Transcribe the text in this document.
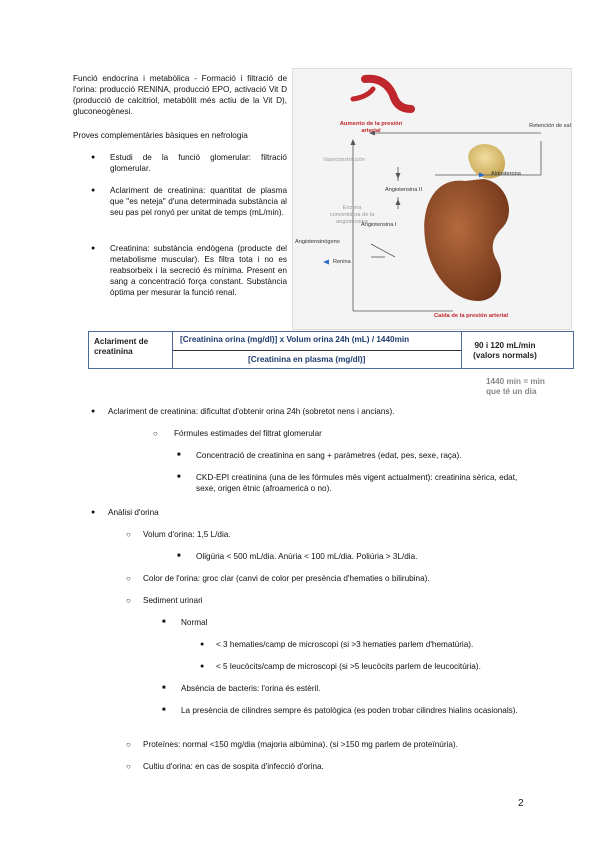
Funció endocrina i metabòlica - Formació i filtració de l'orina: producció RENINA, producció EPO, activació Vit D (producció de calcitriol, metabòlit més actiu de la Vit D), gluconeogènesi.
Proves complementàries bàsiques en nefrologia
● Estudi de la funció glomerular: filtració glomerular.
● Aclariment de creatinina: quantitat de plasma que "es neteja" d'una determinada substància al seu pas pel ronyó per unitat de temps (mL/min).
● Creatinina: substància endògena (producte del metabolisme muscular). Es filtra tota i no es reabsorbeix i la secreció és mínima. Present en sang a concentració força constant. Substància òptima per mesurar la funció renal.
Aumento de la presión arterial
Retención de sal
Vasoconstricción
Aldosterona
Angiotensina II
Enzima convertidora de la angiotensina
Angiotensina I
Angiotensinógeno
Renina
Caída de la presión arterial
Aclariment de creatinina
[Creatinina orina (mg/dl)] x Volum orina 24h (mL) / 1440min
[Creatinina en plasma (mg/dl)]
90 i 120 mL/min (valors normals)
1440 min = min que té un dia
● Aclariment de creatinina: dificultat d'obtenir orina 24h (sobretot nens i ancians).
○ Fórmules estimades del filtrat glomerular
■ Concentració de creatinina en sang + paràmetres (edat, pes, sexe, raça).
■ CKD-EPI creatinina (una de les fórmules més vigent actualment): creatinina sèrica, edat, sexe, origen ètnic (afroamericà o no).
● Anàlisi d'orina
○ Volum d'orina: 1,5 L/dia.
■ Oligúria < 500 mL/dia. Anúria < 100 mL/dia. Poliúria > 3L/dia.
○ Color de l'orina: groc clar (canvi de color per presència d'hematies o bilirubina).
○ Sediment urinari
■ Normal
● < 3 hematies/camp de microscopi (si >3 hematies parlem d'hematúria).
● < 5 leucòcits/camp de microscopi (si >5 leucòcits parlem de leucocitúria).
■ Absència de bacteris: l'orina és estèril.
■ La presència de cilindres sempre és patològica (es poden trobar cilindres hialins ocasionals).
○ Proteïnes: normal <150 mg/dia (majoria albúmina). (si >150 mg parlem de proteïnúria).
○ Cultiu d'orina: en cas de sospita d'infecció d'orina.
2
